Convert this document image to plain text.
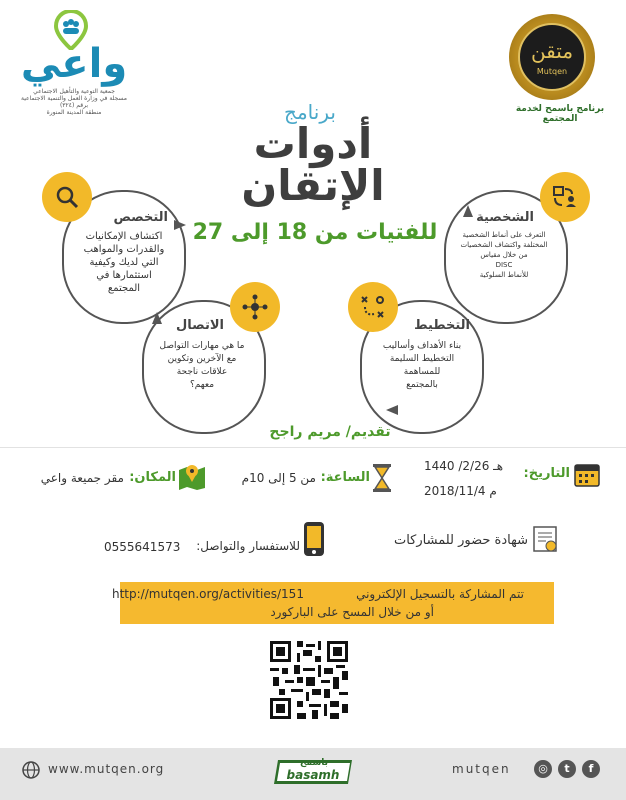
واعي
جمعية التوعية والتأهيل الاجتماعي
مسجلة في وزارة العمل والتنمية الاجتماعية برقم (٣٢٤)
منطقة المدينة المنورة
متقن
Mutqen
برنامج باسمح لخدمة المجتمع
برنامج
أدوات
الإتقان
للفتيات من 18 إلى 27
التخصص
اكتشاف الإمكانيات
والقدرات والمواهب
التي لديك وكيفية
استثمارها في
المجتمع
الشخصية
التعرف على أنماط الشخصية
المختلفة واكتشاف الشخصيات
من خلال مقياس
DISC
للأنماط السلوكية
الاتصال
ما هي مهارات التواصل
مع الآخرين وتكوين
علاقات ناجحة
معهم؟
التخطيط
بناء الأهداف وأساليب
التخطيط السليمة
للمساهمة
بالمجتمع
تقديم/ مريم راجح
التاريخ:
1440 /2/26 هـ
2018/11/4 م
الساعة:
من 5 إلى 10م
المكان:
مقر جميعة واعي
شهادة حضور للمشاركات
للاستفسار والتواصل:
0555641573
تتم المشاركة بالتسجيل الإلكتروني
http://mutqen.org/activities/151
أو من خلال المسح على الباركورد
www.mutqen.org	باسمح
basamh	mutqen	◎	t	f
